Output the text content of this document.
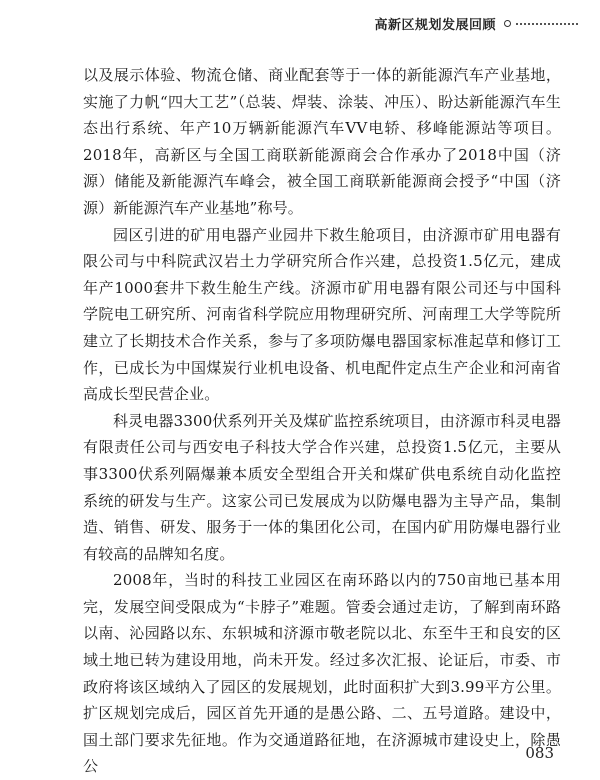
高新区规划发展回顾

以及展示体验、物流仓储、商业配套等于一体的新能源汽车产业基地，实施了力帆“四大工艺”（总装、焊装、涂装、冲压）、盼达新能源汽车生态出行系统、年产10万辆新能源汽车VV电轿、移峰能源站等项目。2018年，高新区与全国工商联新能源商会合作承办了2018中国（济源）储能及新能源汽车峰会，被全国工商联新能源商会授予“中国（济源）新能源汽车产业基地”称号。

园区引进的矿用电器产业园井下救生舱项目，由济源市矿用电器有限公司与中科院武汉岩土力学研究所合作兴建，总投资1.5亿元，建成年产1000套井下救生舱生产线。济源市矿用电器有限公司还与中国科学院电工研究所、河南省科学院应用物理研究所、河南理工大学等院所建立了长期技术合作关系，参与了多项防爆电器国家标准起草和修订工作，已成长为中国煤炭行业机电设备、机电配件定点生产企业和河南省高成长型民营企业。

科灵电器3300伏系列开关及煤矿监控系统项目，由济源市科灵电器有限责任公司与西安电子科技大学合作兴建，总投资1.5亿元，主要从事3300伏系列隔爆兼本质安全型组合开关和煤矿供电系统自动化监控系统的研发与生产。这家公司已发展成为以防爆电器为主导产品，集制造、销售、研发、服务于一体的集团化公司，在国内矿用防爆电器行业有较高的品牌知名度。

2008年，当时的科技工业园区在南环路以内的750亩地已基本用完，发展空间受限成为“卡脖子”难题。管委会通过走访，了解到南环路以南、沁园路以东、东轵城和济源市敬老院以北、东至牛王和良安的区域土地已转为建设用地，尚未开发。经过多次汇报、论证后，市委、市政府将该区域纳入了园区的发展规划，此时面积扩大到3.99平方公里。扩区规划完成后，园区首先开通的是愚公路、二、五号道路。建设中，国土部门要求先征地。作为交通道路征地，在济源城市建设史上，除愚公

083
